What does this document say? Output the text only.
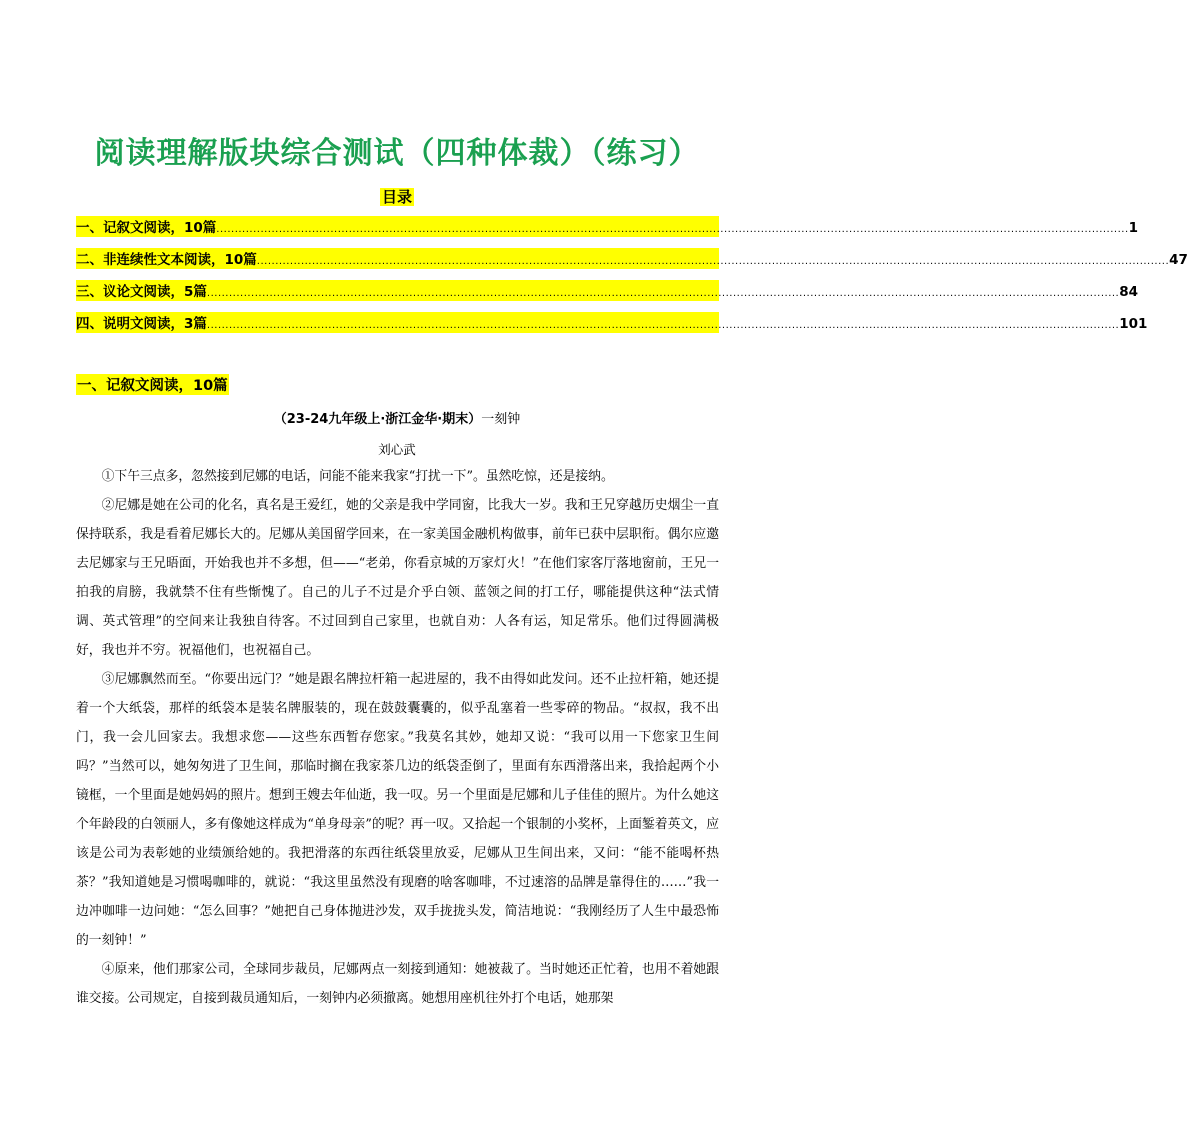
阅读理解版块综合测试（四种体裁）（练习）
目录
一、记叙文阅读，10篇 ........................................................................................................................................................................................................................................................ 1
二、非连续性文本阅读，10篇 ........................................................................................................................................................................................................................................................ 47
三、议论文阅读，5篇 ........................................................................................................................................................................................................................................................ 84
四、说明文阅读，3篇 ........................................................................................................................................................................................................................................................ 101
一、记叙文阅读，10篇
（23-24九年级上·浙江金华·期末）一刻钟
刘心武

①下午三点多，忽然接到尼娜的电话，问能不能来我家“打扰一下”。虽然吃惊，还是接纳。

②尼娜是她在公司的化名，真名是王爱红，她的父亲是我中学同窗，比我大一岁。我和王兄穿越历史烟尘一直保持联系，我是看着尼娜长大的。尼娜从美国留学回来，在一家美国金融机构做事，前年已获中层职衔。偶尔应邀去尼娜家与王兄晤面，开始我也并不多想，但——“老弟，你看京城的万家灯火！”在他们家客厅落地窗前，王兄一拍我的肩膀，我就禁不住有些惭愧了。自己的儿子不过是介乎白领、蓝领之间的打工仔，哪能提供这种“法式情调、英式管理”的空间来让我独自待客。不过回到自己家里，也就自劝：人各有运，知足常乐。他们过得圆满极好，我也并不穷。祝福他们，也祝福自己。

③尼娜飘然而至。“你要出远门？”她是跟名牌拉杆箱一起进屋的，我不由得如此发问。还不止拉杆箱，她还提着一个大纸袋，那样的纸袋本是装名牌服装的，现在鼓鼓囊囊的，似乎乱塞着一些零碎的物品。“叔叔，我不出门，我一会儿回家去。我想求您——这些东西暂存您家。”我莫名其妙，她却又说：“我可以用一下您家卫生间吗？”当然可以，她匆匆进了卫生间，那临时搁在我家茶几边的纸袋歪倒了，里面有东西滑落出来，我拾起两个小镜框，一个里面是她妈妈的照片。想到王嫂去年仙逝，我一叹。另一个里面是尼娜和儿子佳佳的照片。为什么她这个年龄段的白领丽人，多有像她这样成为“单身母亲”的呢？再一叹。又拾起一个银制的小奖杯，上面錾着英文，应该是公司为表彰她的业绩颁给她的。我把滑落的东西往纸袋里放妥，尼娜从卫生间出来，又问：“能不能喝杯热茶？”我知道她是习惯喝咖啡的，就说：“我这里虽然没有现磨的啥客咖啡，不过速溶的品牌是靠得住的……”我一边冲咖啡一边问她：“怎么回事？”她把自己身体抛进沙发，双手拢拢头发，简洁地说：“我刚经历了人生中最恐怖的一刻钟！”

④原来，他们那家公司，全球同步裁员，尼娜两点一刻接到通知：她被裁了。当时她还正忙着，也用不着她跟谁交接。公司规定，自接到裁员通知后，一刻钟内必须撤离。她想用座机往外打个电话，她那架
